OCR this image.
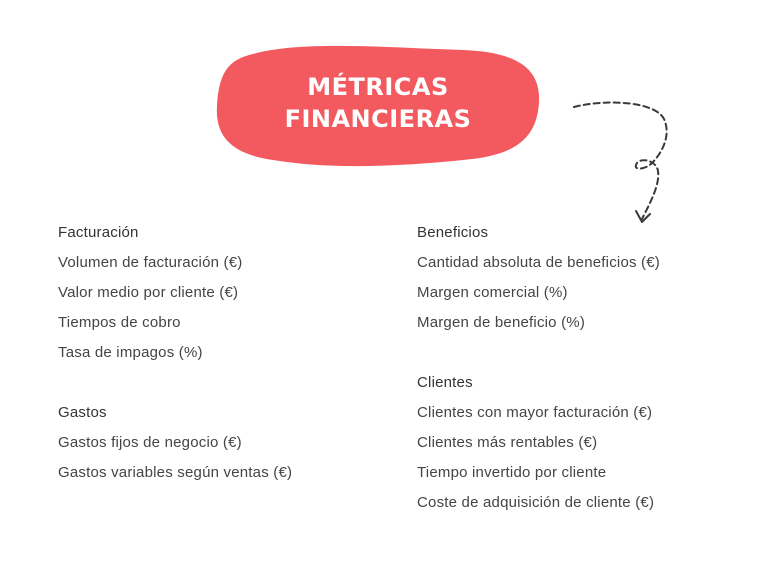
MÉTRICAS
FINANCIERAS
Facturación
Volumen de facturación (€)
Valor medio por cliente (€)
Tiempos de cobro
Tasa de impagos (%)
Gastos
Gastos fijos de negocio (€)
Gastos variables según ventas (€)
Beneficios
Cantidad absoluta de beneficios (€)
Margen comercial (%)
Margen de beneficio (%)
Clientes
Clientes con mayor facturación (€)
Clientes más rentables (€)
Tiempo invertido por cliente
Coste de adquisición de cliente (€)
